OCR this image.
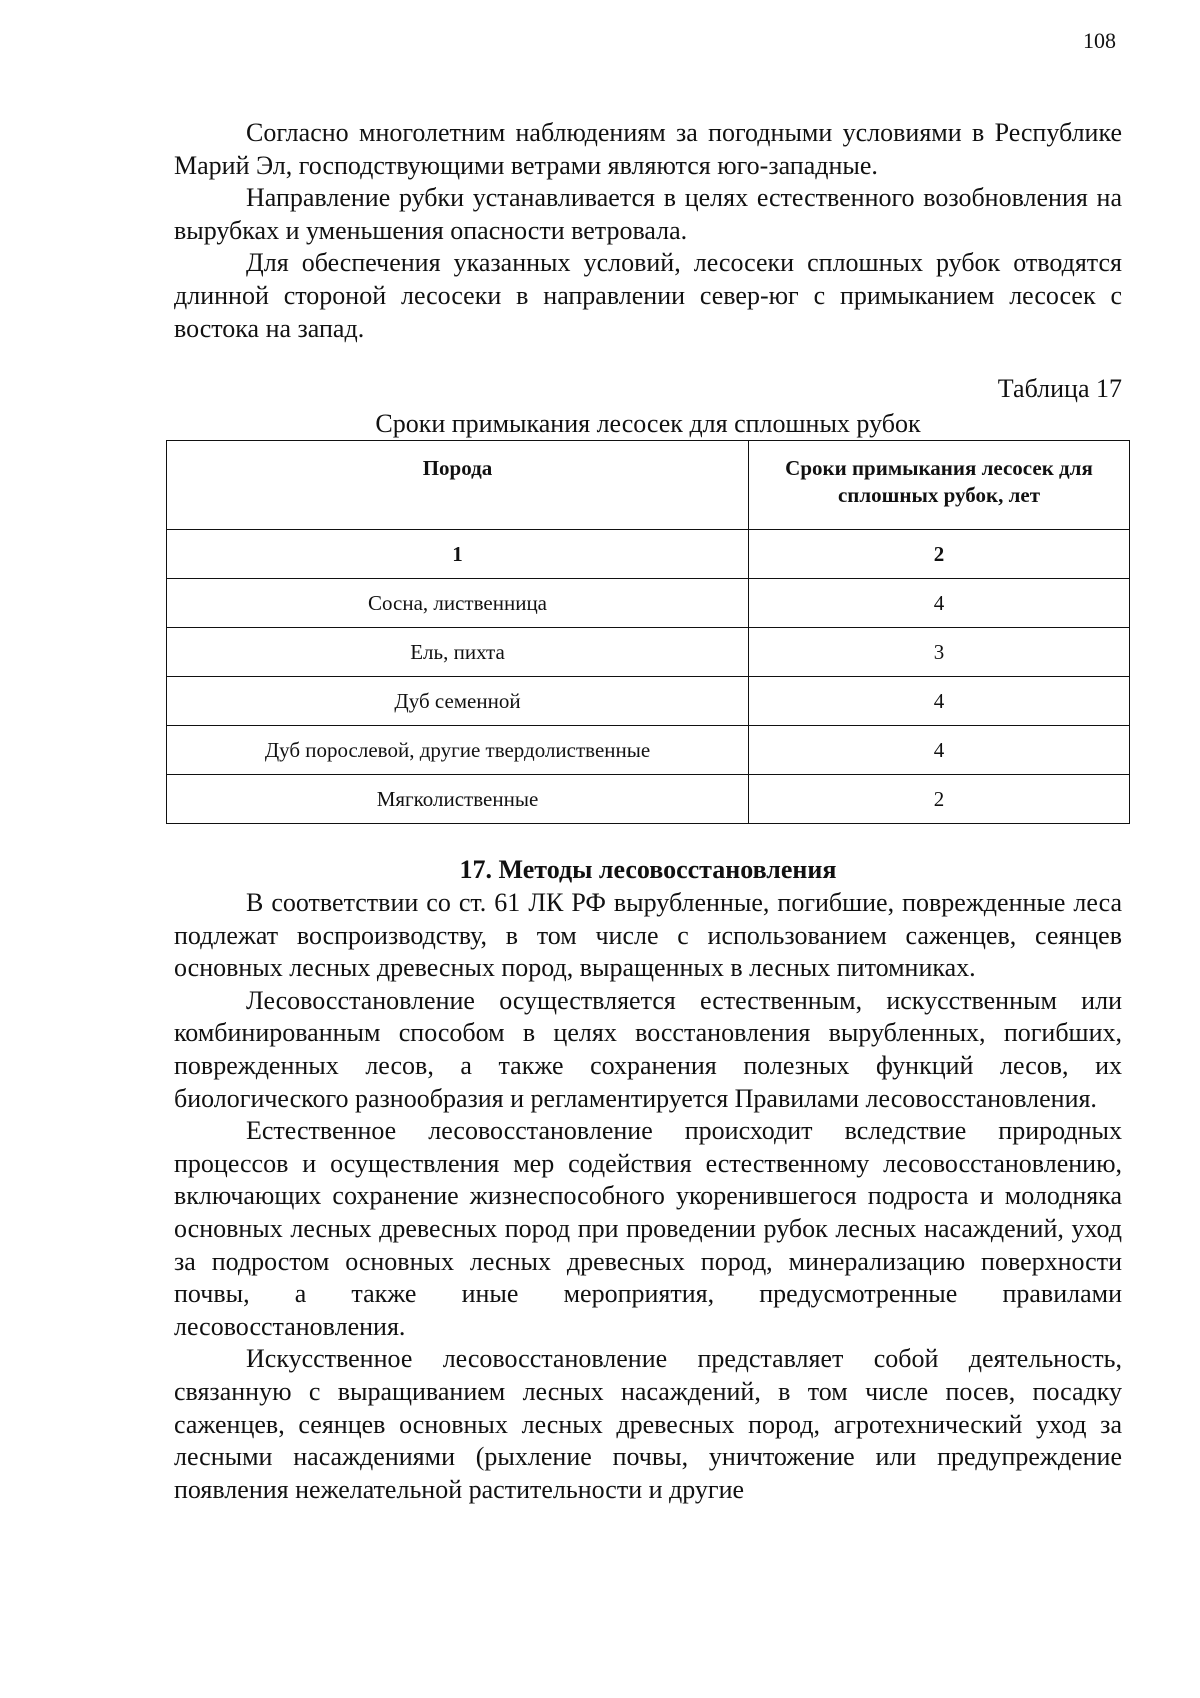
108

Согласно многолетним наблюдениям за погодными условиями в Республике Марий Эл, господствующими ветрами являются юго-западные.

Направление рубки устанавливается в целях естественного возобновления на вырубках и уменьшения опасности ветровала.

Для обеспечения указанных условий, лесосеки сплошных рубок отводятся длинной стороной лесосеки в направлении север-юг с примыканием лесосек с востока на запад.

Таблица 17
Сроки примыкания лесосек для сплошных рубок
Порода	Сроки примыкания лесосек для сплошных рубок, лет
1	2
Сосна, лиственница	4
Ель, пихта	3
Дуб семенной	4
Дуб порослевой, другие твердолиственные	4
Мягколиственные	2
17. Методы лесовосстановления

В соответствии со ст. 61 ЛК РФ вырубленные, погибшие, поврежденные леса подлежат воспроизводству, в том числе с использованием саженцев, сеянцев основных лесных древесных пород, выращенных в лесных питомниках.

Лесовосстановление осуществляется естественным, искусственным или комбинированным способом в целях восстановления вырубленных, погибших, поврежденных лесов, а также сохранения полезных функций лесов, их биологического разнообразия и регламентируется Правилами лесовосстановления.

Естественное лесовосстановление происходит вследствие природных процессов и осуществления мер содействия естественному лесовосстановлению, включающих сохранение жизнеспособного укоренившегося подроста и молодняка основных лесных древесных пород при проведении рубок лесных насаждений, уход за подростом основных лесных древесных пород, минерализацию поверхности почвы, а также иные мероприятия, предусмотренные правилами лесовосстановления.

Искусственное лесовосстановление представляет собой деятельность, связанную с выращиванием лесных насаждений, в том числе посев, посадку саженцев, сеянцев основных лесных древесных пород, агротехнический уход за лесными насаждениями (рыхление почвы, уничтожение или предупреждение появления нежелательной растительности и другие
